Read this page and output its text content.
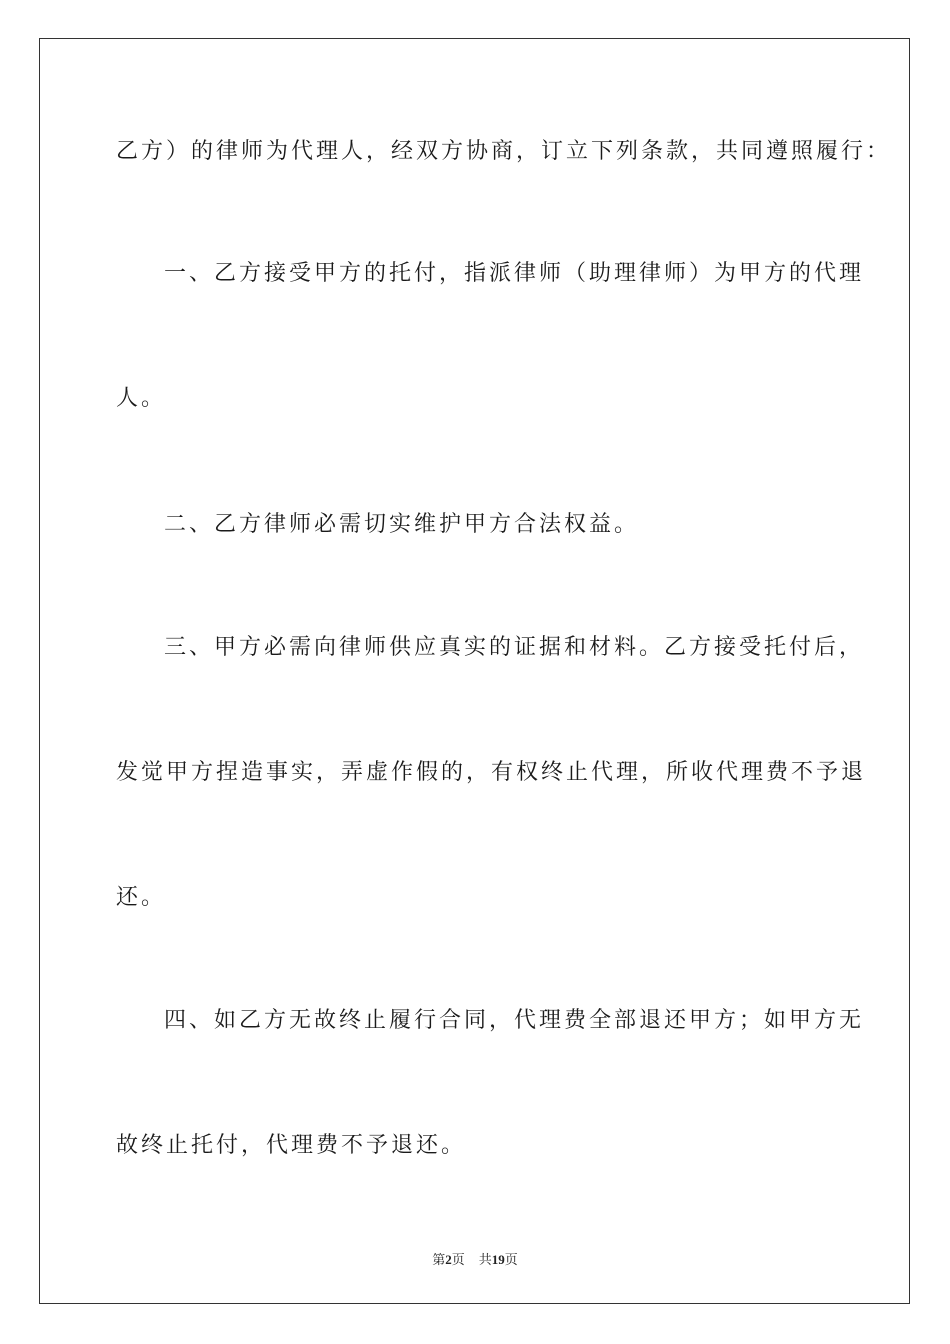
乙方）的律师为代理人，经双方协商，订立下列条款，共同遵照履行：
一、乙方接受甲方的托付，指派律师（助理律师）为甲方的代理
人。
二、乙方律师必需切实维护甲方合法权益。
三、甲方必需向律师供应真实的证据和材料。乙方接受托付后，
发觉甲方捏造事实，弄虚作假的，有权终止代理，所收代理费不予退
还。
四、如乙方无故终止履行合同，代理费全部退还甲方；如甲方无
故终止托付，代理费不予退还。
第2页 共19页
